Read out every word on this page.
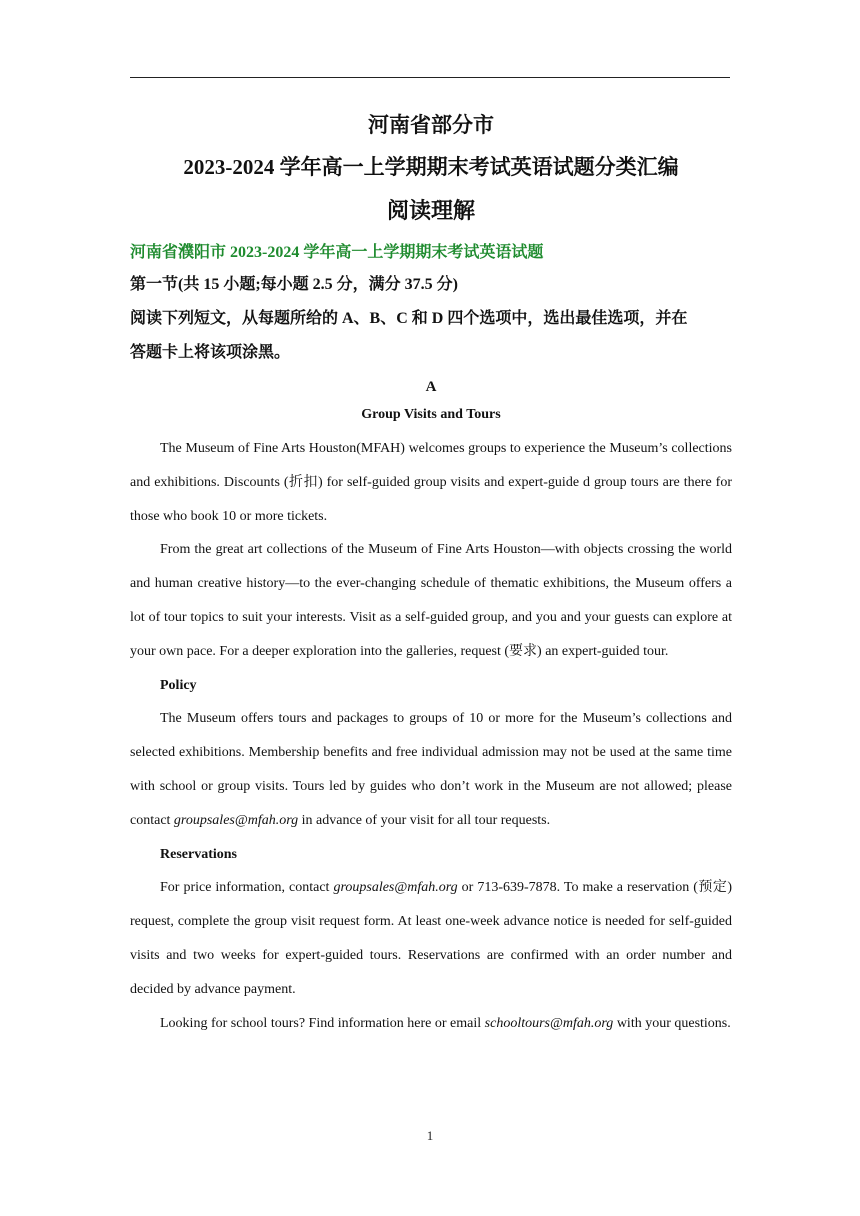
河南省部分市
2023-2024 学年高一上学期期末考试英语试题分类汇编
阅读理解
河南省濮阳市 2023-2024 学年高一上学期期末考试英语试题
第一节(共 15 小题;每小题 2.5 分，满分 37.5 分)
阅读下列短文，从每题所给的 A、B、C 和 D 四个选项中，选出最佳选项，并在
答题卡上将该项涂黑。
A
Group Visits and Tours

The Museum of Fine Arts Houston(MFAH) welcomes groups to experience the Museum’s collections and exhibitions. Discounts (折扣) for self-guided group visits and expert-guide d group tours are there for those who book 10 or more tickets.

From the great art collections of the Museum of Fine Arts Houston—with objects crossing the world and human creative history—to the ever-changing schedule of thematic exhibitions, the Museum offers a lot of tour topics to suit your interests. Visit as a self-guided group, and you and your guests can explore at your own pace. For a deeper exploration into the galleries, request (要求) an expert-guided tour.

Policy

The Museum offers tours and packages to groups of 10 or more for the Museum’s collections and selected exhibitions. Membership benefits and free individual admission may not be used at the same time with school or group visits. Tours led by guides who don’t work in the Museum are not allowed; please contact groupsales@mfah.org in advance of your visit for all tour requests.

Reservations

For price information, contact groupsales@mfah.org or 713-639-7878. To make a reservation (预定) request, complete the group visit request form. At least one-week advance notice is needed for self-guided visits and two weeks for expert-guided tours. Reservations are confirmed with an order number and decided by advance payment.

Looking for school tours? Find information here or email schooltours@mfah.org with your questions.

1
